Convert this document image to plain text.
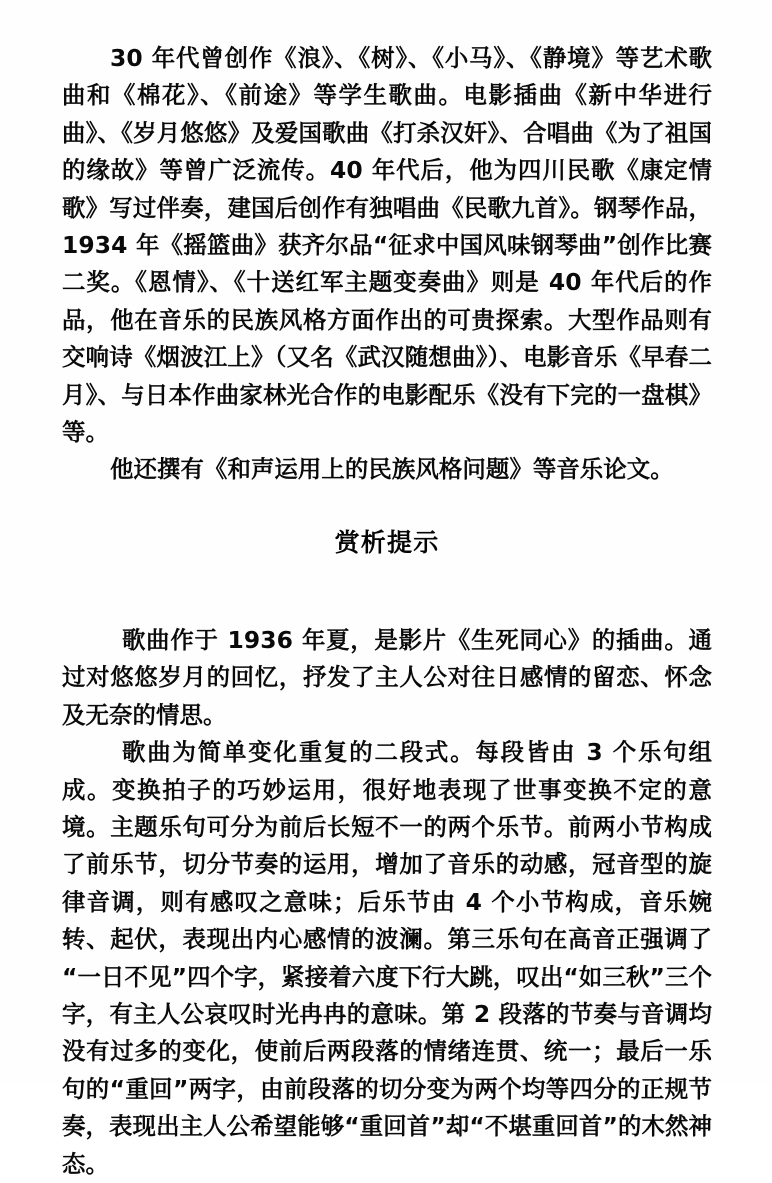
30 年代曾创作《浪》、《树》、《小马》、《静境》等艺术歌曲和《棉花》、《前途》等学生歌曲。电影插曲《新中华进行曲》、《岁月悠悠》及爱国歌曲《打杀汉奸》、合唱曲《为了祖国的缘故》等曾广泛流传。40 年代后，他为四川民歌《康定情歌》写过伴奏，建国后创作有独唱曲《民歌九首》。钢琴作品，1934 年《摇篮曲》获齐尔品“征求中国风味钢琴曲”创作比赛二奖。《恩情》、《十送红军主题变奏曲》则是 40 年代后的作品，他在音乐的民族风格方面作出的可贵探索。大型作品则有交响诗《烟波江上》（又名《武汉随想曲》）、电影音乐《早春二月》、与日本作曲家林光合作的电影配乐《没有下完的一盘棋》等。

他还撰有《和声运用上的民族风格问题》等音乐论文。

赏析提示

歌曲作于 1936 年夏，是影片《生死同心》的插曲。通过对悠悠岁月的回忆，抒发了主人公对往日感情的留恋、怀念及无奈的情思。

歌曲为简单变化重复的二段式。每段皆由 3 个乐句组成。变换拍子的巧妙运用，很好地表现了世事变换不定的意境。主题乐句可分为前后长短不一的两个乐节。前两小节构成了前乐节，切分节奏的运用，增加了音乐的动感，冠音型的旋律音调，则有感叹之意味；后乐节由 4 个小节构成，音乐婉转、起伏，表现出内心感情的波澜。第三乐句在高音正强调了“一日不见”四个字，紧接着六度下行大跳，叹出“如三秋”三个字，有主人公哀叹时光冉冉的意味。第 2 段落的节奏与音调均没有过多的变化，使前后两段落的情绪连贯、统一；最后一乐句的“重回”两字，由前段落的切分变为两个均等四分的正规节奏，表现出主人公希望能够“重回首”却“不堪重回首”的木然神态。
